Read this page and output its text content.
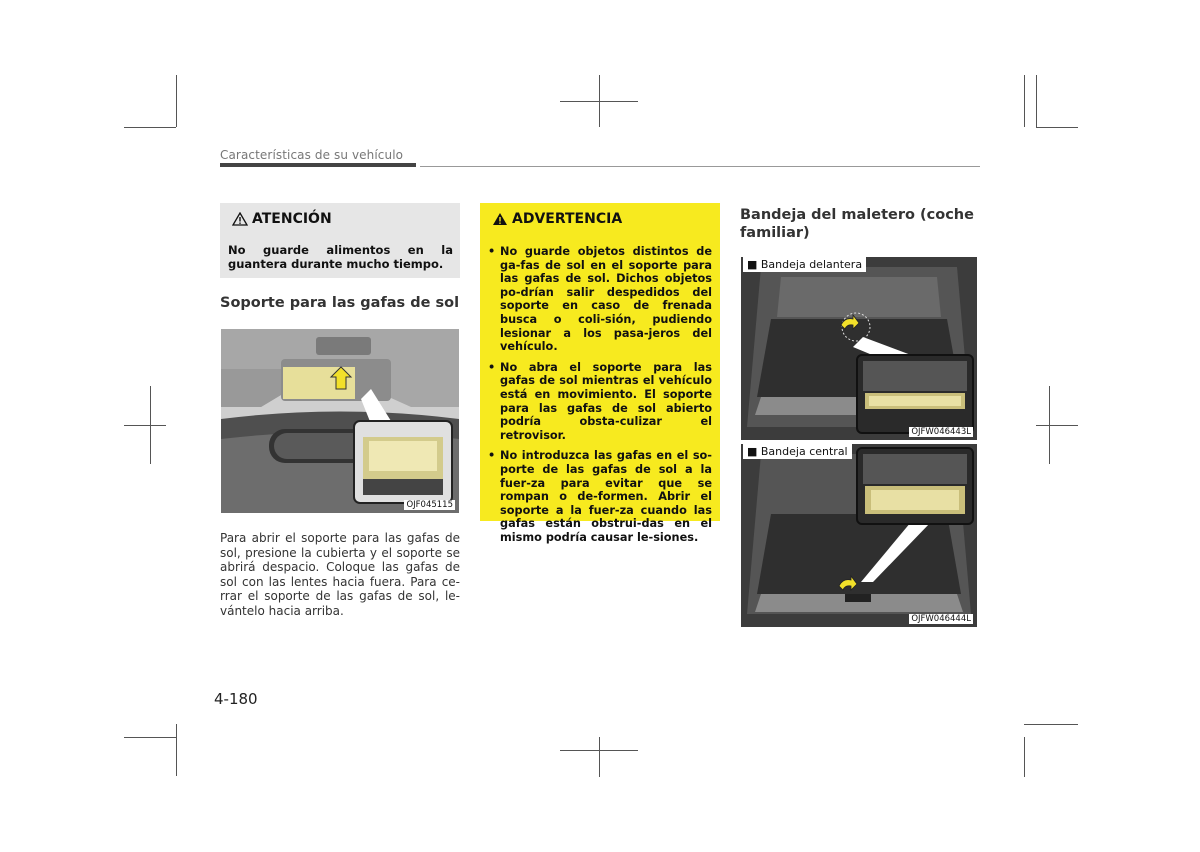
Características de su vehículo
ATENCIÓN
No guarde alimentos en la guantera durante mucho tiempo.
Soporte para las gafas de sol
OJF045115
Para abrir el soporte para las gafas de sol, presione la cubierta y el soporte se abrirá despacio. Coloque las gafas de sol con las lentes hacia fuera. Para ce-rrar el soporte de las gafas de sol, le-vántelo hacia arriba.
ADVERTENCIA
• No guarde objetos distintos de ga-fas de sol en el soporte para las gafas de sol. Dichos objetos po-drían salir despedidos del soporte en caso de frenada busca o coli-sión, pudiendo lesionar a los pasa-jeros del vehículo.
• No abra el soporte para las gafas de sol mientras el vehículo está en movimiento. El soporte para las gafas de sol abierto podría obsta-culizar el retrovisor.
• No introduzca las gafas en el so-porte de las gafas de sol a la fuer-za para evitar que se rompan o de-formen. Abrir el soporte a la fuer-za cuando las gafas están obstrui-das en el mismo podría causar le-siones.
Bandeja del maletero (coche
familiar)
■ Bandeja delantera
OJFW046443L
■ Bandeja central
OJFW046444L
4-180
